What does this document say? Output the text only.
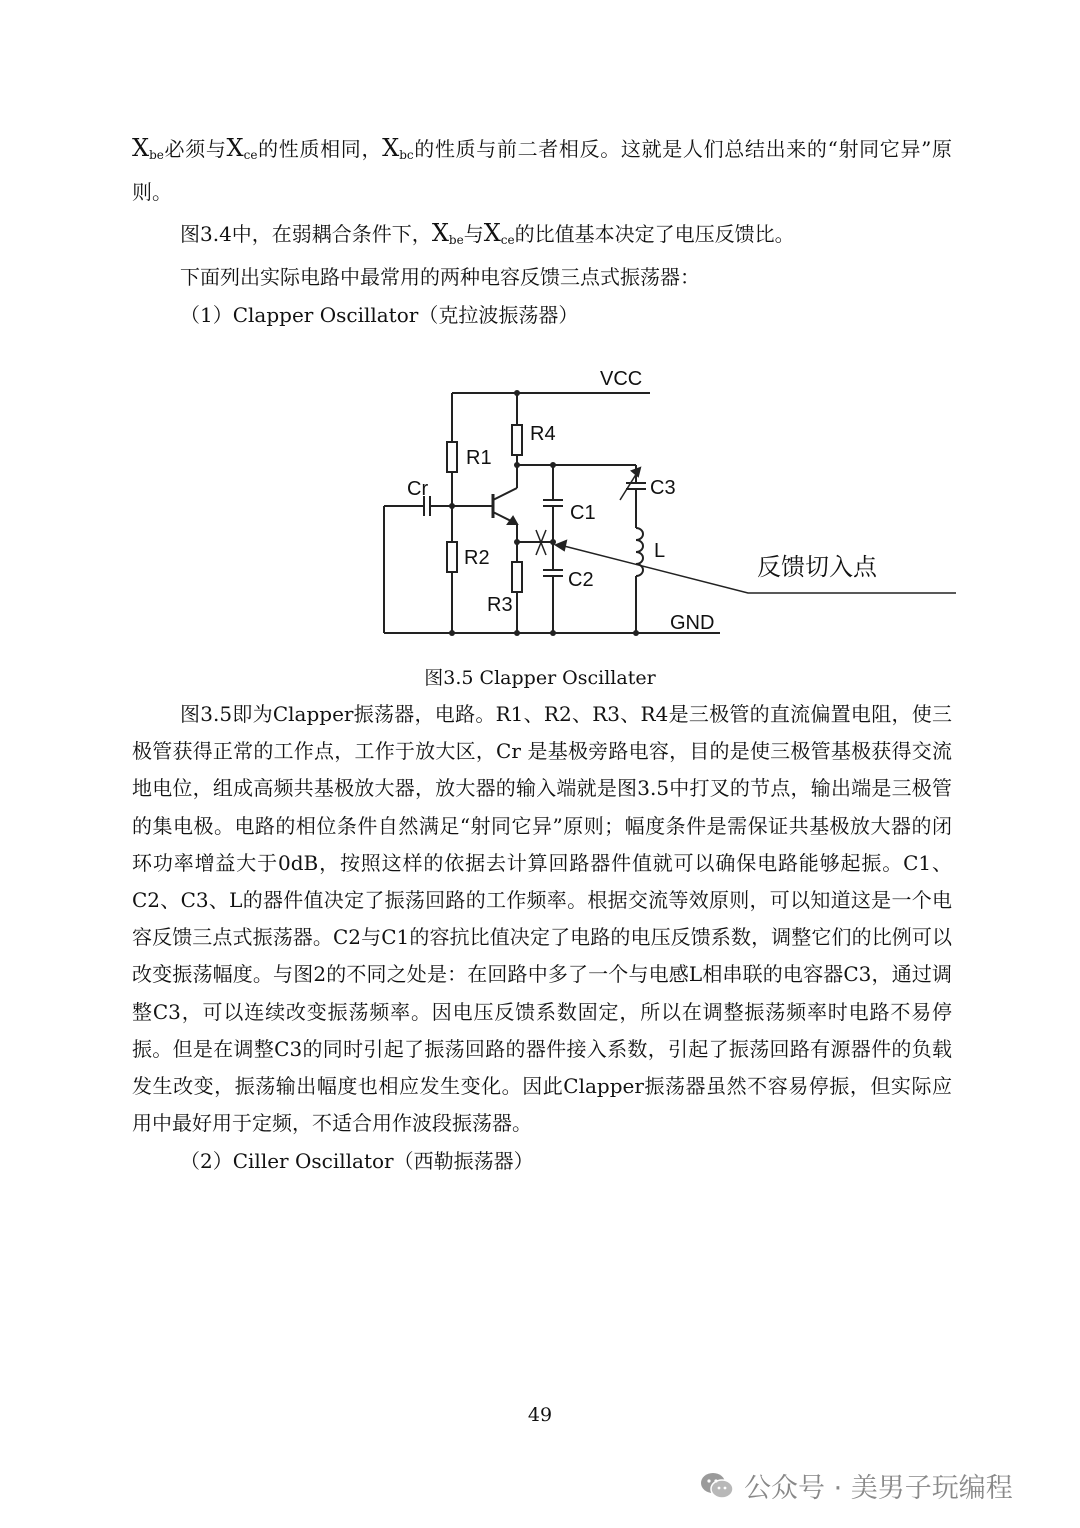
$X_{be}$必须与$X_{ce}$的性质相同，$X_{bc}$的性质与前二者相反。这就是人们总结出来的“射同它异”原则。

图3.4中，在弱耦合条件下，$X_{be}$与$X_{ce}$的比值基本决定了电压反馈比。

下面列出实际电路中最常用的两种电容反馈三点式振荡器：

（1）Clapper Oscillator（克拉波振荡器）

VCC
R1
R4
Cr	C3
C1
L
R2
C2
R3
GND
反馈切入点
图3.5 Clapper Oscillater

图3.5即为Clapper振荡器，电路。R1、R2、R3、R4是三极管的直流偏置电阻，使三极管获得正常的工作点，工作于放大区，Cr 是基极旁路电容，目的是使三极管基极获得交流地电位，组成高频共基极放大器，放大器的输入端就是图3.5中打叉的节点，输出端是三极管的集电极。电路的相位条件自然满足“射同它异”原则；幅度条件是需保证共基极放大器的闭环功率增益大于0dB，按照这样的依据去计算回路器件值就可以确保电路能够起振。C1、C2、C3、L的器件值决定了振荡回路的工作频率。根据交流等效原则，可以知道这是一个电容反馈三点式振荡器。C2与C1的容抗比值决定了电路的电压反馈系数，调整它们的比例可以改变振荡幅度。与图2的不同之处是：在回路中多了一个与电感L相串联的电容器C3，通过调整C3，可以连续改变振荡频率。因电压反馈系数固定，所以在调整振荡频率时电路不易停振。但是在调整C3的同时引起了振荡回路的器件接入系数，引起了振荡回路有源器件的负载发生改变，振荡输出幅度也相应发生变化。因此Clapper振荡器虽然不容易停振，但实际应用中最好用于定频，不适合用作波段振荡器。

（2）Ciller Oscillator（西勒振荡器）

49
公众号 · 美男子玩编程
